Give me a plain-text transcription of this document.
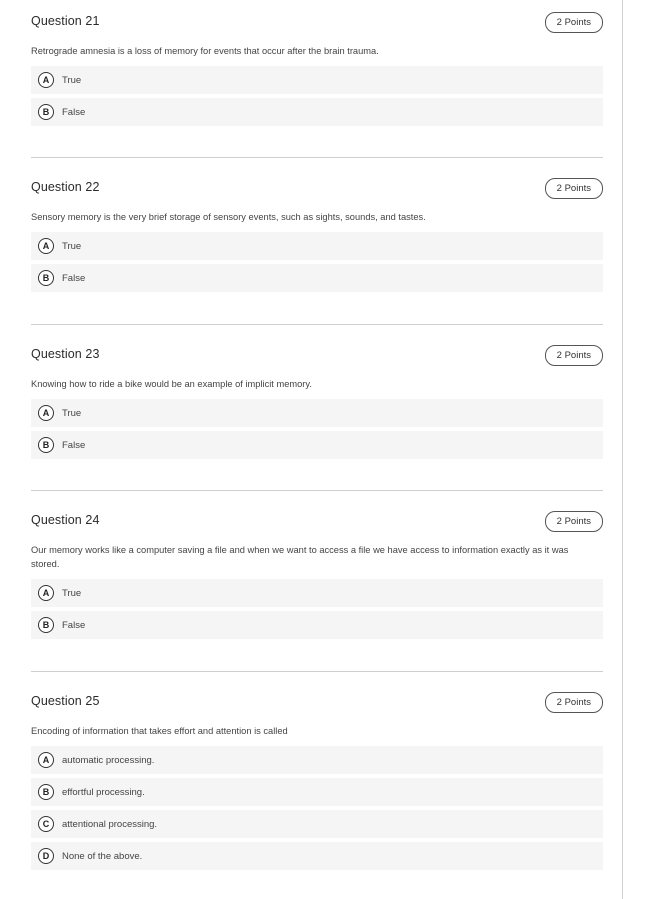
Question 21	2 Points
Retrograde amnesia is a loss of memory for events that occur after the brain trauma.
A	True
B	False
Question 22	2 Points
Sensory memory is the very brief storage of sensory events, such as sights, sounds, and tastes.
A	True
B	False
Question 23	2 Points
Knowing how to ride a bike would be an example of implicit memory.
A	True
B	False
Question 24	2 Points
Our memory works like a computer saving a file and when we want to access a file we have access to information exactly as it was stored.
A	True
B	False
Question 25	2 Points
Encoding of information that takes effort and attention is called
A	automatic processing.
B	effortful processing.
C	attentional processing.
D	None of the above.
